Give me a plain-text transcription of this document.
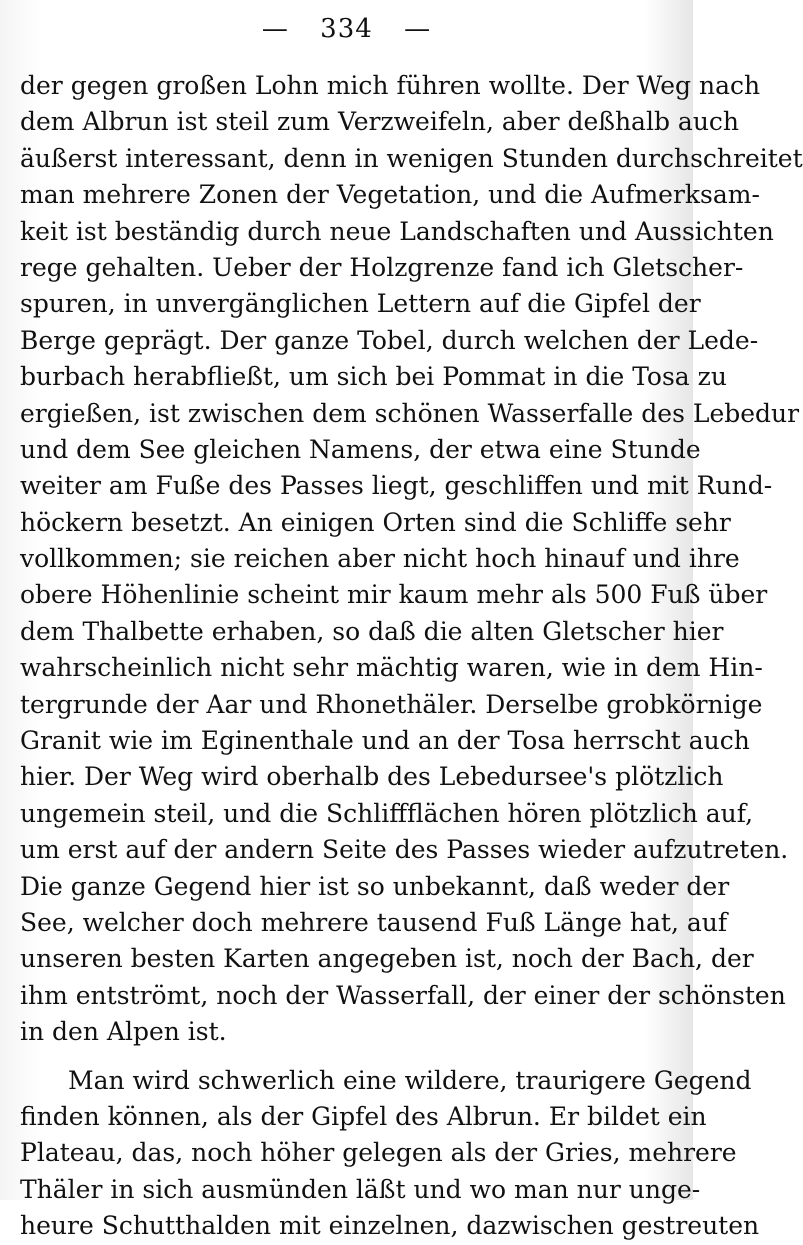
— 334 —
der gegen großen Lohn mich führen wollte. Der Weg nach
dem Albrun ist steil zum Verzweifeln, aber deßhalb auch
äußerst interessant, denn in wenigen Stunden durchschreitet
man mehrere Zonen der Vegetation, und die Aufmerksam-
keit ist beständig durch neue Landschaften und Aussichten
rege gehalten. Ueber der Holzgrenze fand ich Gletscher-
spuren, in unvergänglichen Lettern auf die Gipfel der
Berge geprägt. Der ganze Tobel, durch welchen der Lede-
burbach herabfließt, um sich bei Pommat in die Tosa zu
ergießen, ist zwischen dem schönen Wasserfalle des Lebedur
und dem See gleichen Namens, der etwa eine Stunde
weiter am Fuße des Passes liegt, geschliffen und mit Rund-
höckern besetzt. An einigen Orten sind die Schliffe sehr
vollkommen; sie reichen aber nicht hoch hinauf und ihre
obere Höhenlinie scheint mir kaum mehr als 500 Fuß über
dem Thalbette erhaben, so daß die alten Gletscher hier
wahrscheinlich nicht sehr mächtig waren, wie in dem Hin-
tergrunde der Aar und Rhonethäler. Derselbe grobkörnige
Granit wie im Eginenthale und an der Tosa herrscht auch
hier. Der Weg wird oberhalb des Lebedursee's plötzlich
ungemein steil, und die Schliffflächen hören plötzlich auf,
um erst auf der andern Seite des Passes wieder aufzutreten.
Die ganze Gegend hier ist so unbekannt, daß weder der
See, welcher doch mehrere tausend Fuß Länge hat, auf
unseren besten Karten angegeben ist, noch der Bach, der
ihm entströmt, noch der Wasserfall, der einer der schönsten
in den Alpen ist.
Man wird schwerlich eine wildere, traurigere Gegend
finden können, als der Gipfel des Albrun. Er bildet ein
Plateau, das, noch höher gelegen als der Gries, mehrere
Thäler in sich ausmünden läßt und wo man nur unge-
heure Schutthalden mit einzelnen, dazwischen gestreuten
